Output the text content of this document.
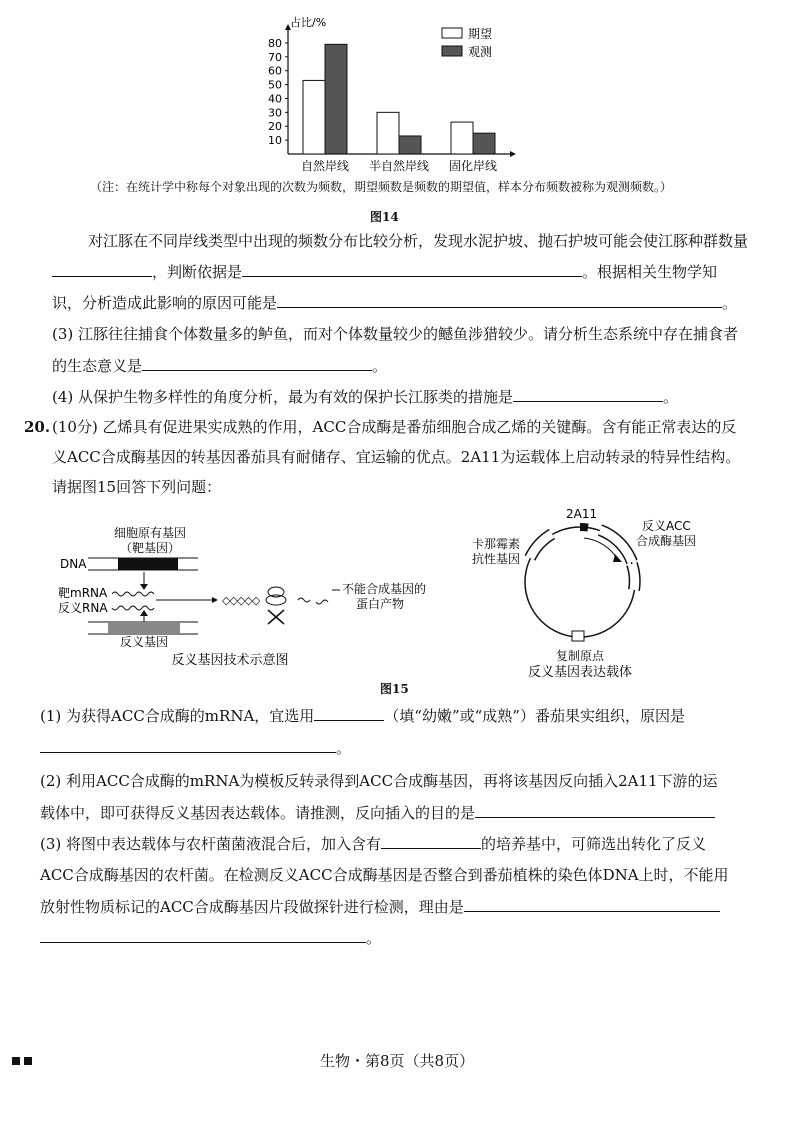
占比/%
10
20
30
40
50
60
70
80
自然岸线 半自然岸线 固化岸线
期望
观测
（注：在统计学中称每个对象出现的次数为频数，期望频数是频数的期望值，样本分布频数被称为观测频数。）
图14
对江豚在不同岸线类型中出现的频数分布比较分析，发现水泥护坡、抛石护坡可能会使江豚种群数量
，判断依据是	。根据相关生物学知
识，分析造成此影响的原因可能是	。
(3) 江豚往往捕食个体数量多的鲈鱼，而对个体数量较少的鳡鱼涉猎较少。请分析生态系统中存在捕食者
的生态意义是	。
(4) 从保护生物多样性的角度分析，最为有效的保护长江豚类的措施是	。
20. (10分) 乙烯具有促进果实成熟的作用，ACC合成酶是番茄细胞合成乙烯的关键酶。含有能正常表达的反
义ACC合成酶基因的转基因番茄具有耐储存、宜运输的优点。2A11为运载体上启动转录的特异性结构。
请据图15回答下列问题：
细胞原有基因
（靶基因）
DNA
靶mRNA
反义RNA
◇◇◇◇◇
不能合成基因的
蛋白产物
反义基因
反义基因技术示意图
2A11
卡那霉素
抗性基因
反义ACC
合成酶基因
复制原点
反义基因表达载体
图15
(1) 为获得ACC合成酶的mRNA，宜选用	（填“幼嫩”或“成熟”）番茄果实组织，原因是
。
(2) 利用ACC合成酶的mRNA为模板反转录得到ACC合成酶基因，再将该基因反向插入2A11下游的运
载体中，即可获得反义基因表达载体。请推测，反向插入的目的是
(3) 将图中表达载体与农杆菌菌液混合后，加入含有	的培养基中，可筛选出转化了反义
ACC合成酶基因的农杆菌。在检测反义ACC合成酶基因是否整合到番茄植株的染色体DNA上时，不能用
放射性物质标记的ACC合成酶基因片段做探针进行检测，理由是
。
生物・第8页（共8页）
